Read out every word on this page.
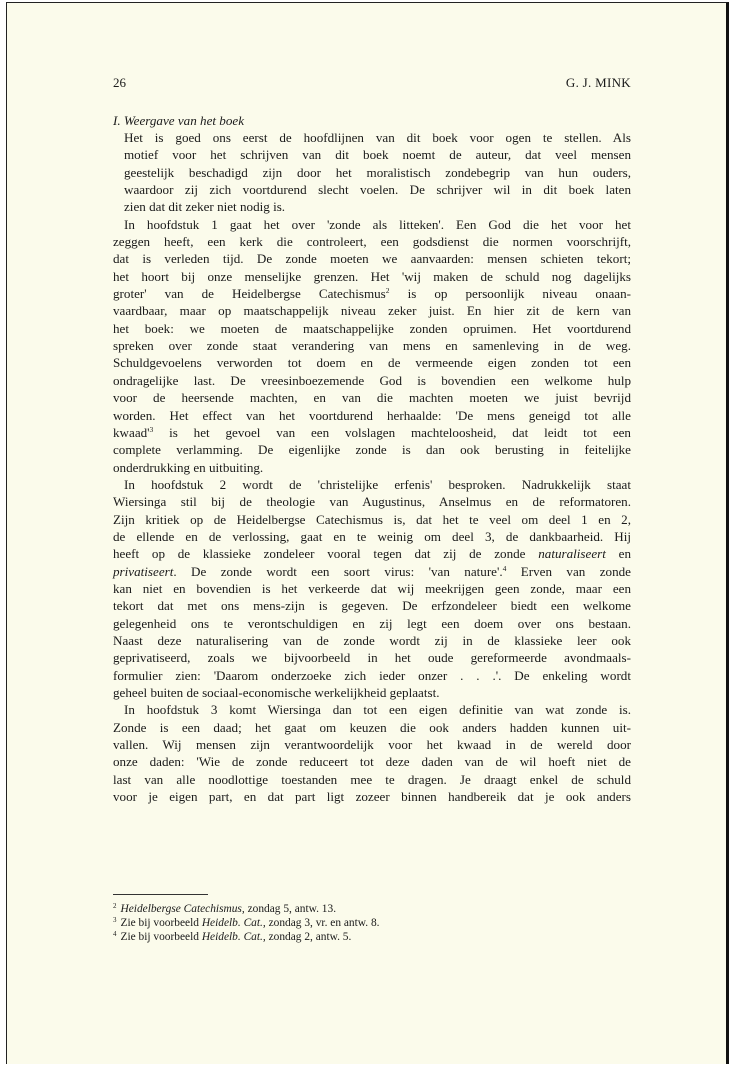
26	G. J. MINK
I. Weergave van het boek

Het is goed ons eerst de hoofdlijnen van dit boek voor ogen te stellen. Als
motief voor het schrijven van dit boek noemt de auteur, dat veel mensen
geestelijk beschadigd zijn door het moralistisch zondebegrip van hun ouders,
waardoor zij zich voortdurend slecht voelen. De schrijver wil in dit boek laten
zien dat dit zeker niet nodig is.

In hoofdstuk 1 gaat het over 'zonde als litteken'. Een God die het voor het
zeggen heeft, een kerk die controleert, een godsdienst die normen voorschrijft,
dat is verleden tijd. De zonde moeten we aanvaarden: mensen schieten tekort;
het hoort bij onze menselijke grenzen. Het 'wij maken de schuld nog dagelijks
groter' van de Heidelbergse Catechismus$^2$ is op persoonlijk niveau onaan-
vaardbaar, maar op maatschappelijk niveau zeker juist. En hier zit de kern van
het boek: we moeten de maatschappelijke zonden opruimen. Het voortdurend
spreken over zonde staat verandering van mens en samenleving in de weg.
Schuldgevoelens verworden tot doem en de vermeende eigen zonden tot een
ondragelijke last. De vreesinboezemende God is bovendien een welkome hulp
voor de heersende machten, en van die machten moeten we juist bevrijd
worden. Het effect van het voortdurend herhaalde: 'De mens geneigd tot alle
$kwaad'^3$ is het gevoel van een volslagen machteloosheid, dat leidt tot een
complete verlamming. De eigenlijke zonde is dan ook berusting in feitelijke
onderdrukking en uitbuiting.

In hoofdstuk 2 wordt de 'christelijke erfenis' besproken. Nadrukkelijk staat
Wiersinga stil bij de theologie van Augustinus, Anselmus en de reformatoren.
Zijn kritiek op de Heidelbergse Catechismus is, dat het te veel om deel 1 en 2,
de ellende en de verlossing, gaat en te weinig om deel 3, de dankbaarheid. Hij
heeft op de klassieke zondeleer vooral tegen dat zij de zonde naturaliseert en
privatiseert. De zonde wordt een soort virus: 'van nature'.$^4$ Erven van zonde
kan niet en bovendien is het verkeerde dat wij meekrijgen geen zonde, maar een
tekort dat met ons mens-zijn is gegeven. De erfzondeleer biedt een welkome
gelegenheid ons te verontschuldigen en zij legt een doem over ons bestaan.
Naast deze naturalisering van de zonde wordt zij in de klassieke leer ook
geprivatiseerd, zoals we bijvoorbeeld in het oude gereformeerde avondmaals-
formulier zien: 'Daarom onderzoeke zich ieder onzer . . .'. De enkeling wordt
geheel buiten de sociaal-economische werkelijkheid geplaatst.

In hoofdstuk 3 komt Wiersinga dan tot een eigen definitie van wat zonde is.
Zonde is een daad; het gaat om keuzen die ook anders hadden kunnen uit-
vallen. Wij mensen zijn verantwoordelijk voor het kwaad in de wereld door
onze daden: 'Wie de zonde reduceert tot deze daden van de wil hoeft niet de
last van alle noodlottige toestanden mee te dragen. Je draagt enkel de schuld
voor je eigen part, en dat part ligt zozeer binnen handbereik dat je ook anders

$^2$ Heidelbergse Catechismus, zondag 5, antw. 13.
$^3$ Zie bij voorbeeld Heidelb. Cat., zondag 3, vr. en antw. 8.
$^4$ Zie bij voorbeeld Heidelb. Cat., zondag 2, antw. 5.
